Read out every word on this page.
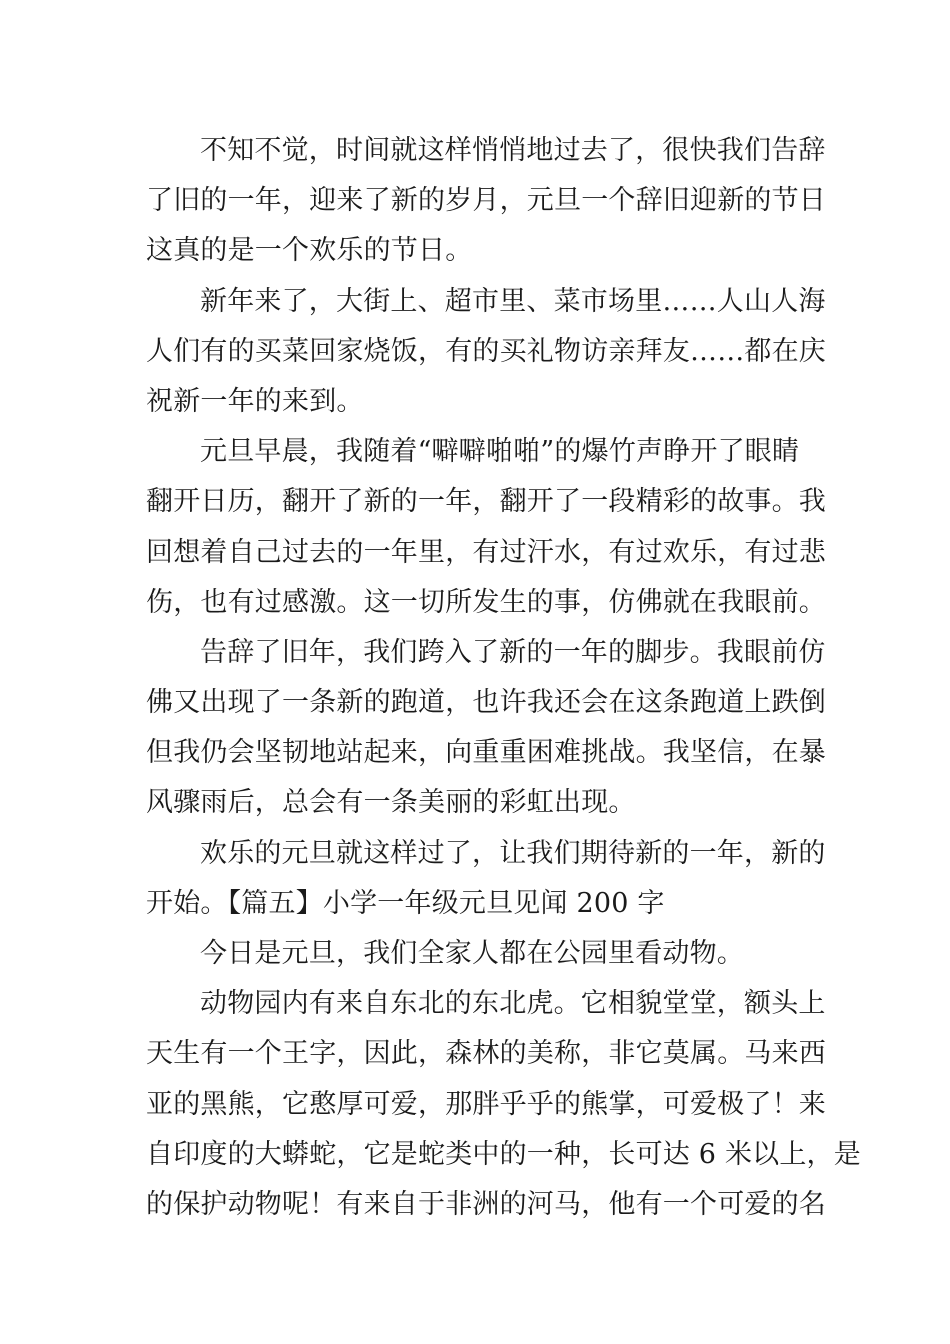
不知不觉，时间就这样悄悄地过去了，很快我们告辞
了旧的一年，迎来了新的岁月，元旦一个辞旧迎新的节日
这真的是一个欢乐的节日。
新年来了，大街上、超市里、菜市场里……人山人海
人们有的买菜回家烧饭，有的买礼物访亲拜友……都在庆
祝新一年的来到。
元旦早晨，我随着“噼噼啪啪”的爆竹声睁开了眼睛
翻开日历，翻开了新的一年，翻开了一段精彩的故事。我
回想着自己过去的一年里，有过汗水，有过欢乐，有过悲
伤，也有过感激。这一切所发生的事，仿佛就在我眼前。
告辞了旧年，我们跨入了新的一年的脚步。我眼前仿
佛又出现了一条新的跑道，也许我还会在这条跑道上跌倒
但我仍会坚韧地站起来，向重重困难挑战。我坚信，在暴
风骤雨后，总会有一条美丽的彩虹出现。
欢乐的元旦就这样过了，让我们期待新的一年，新的
开始。【篇五】小学一年级元旦见闻 200 字
今日是元旦，我们全家人都在公园里看动物。
动物园内有来自东北的东北虎。它相貌堂堂，额头上
天生有一个王字，因此，森林的美称，非它莫属。马来西
亚的黑熊，它憨厚可爱，那胖乎乎的熊掌，可爱极了！来
自印度的大蟒蛇，它是蛇类中的一种，长可达 6 米以上，是
的保护动物呢！有来自于非洲的河马，他有一个可爱的名
